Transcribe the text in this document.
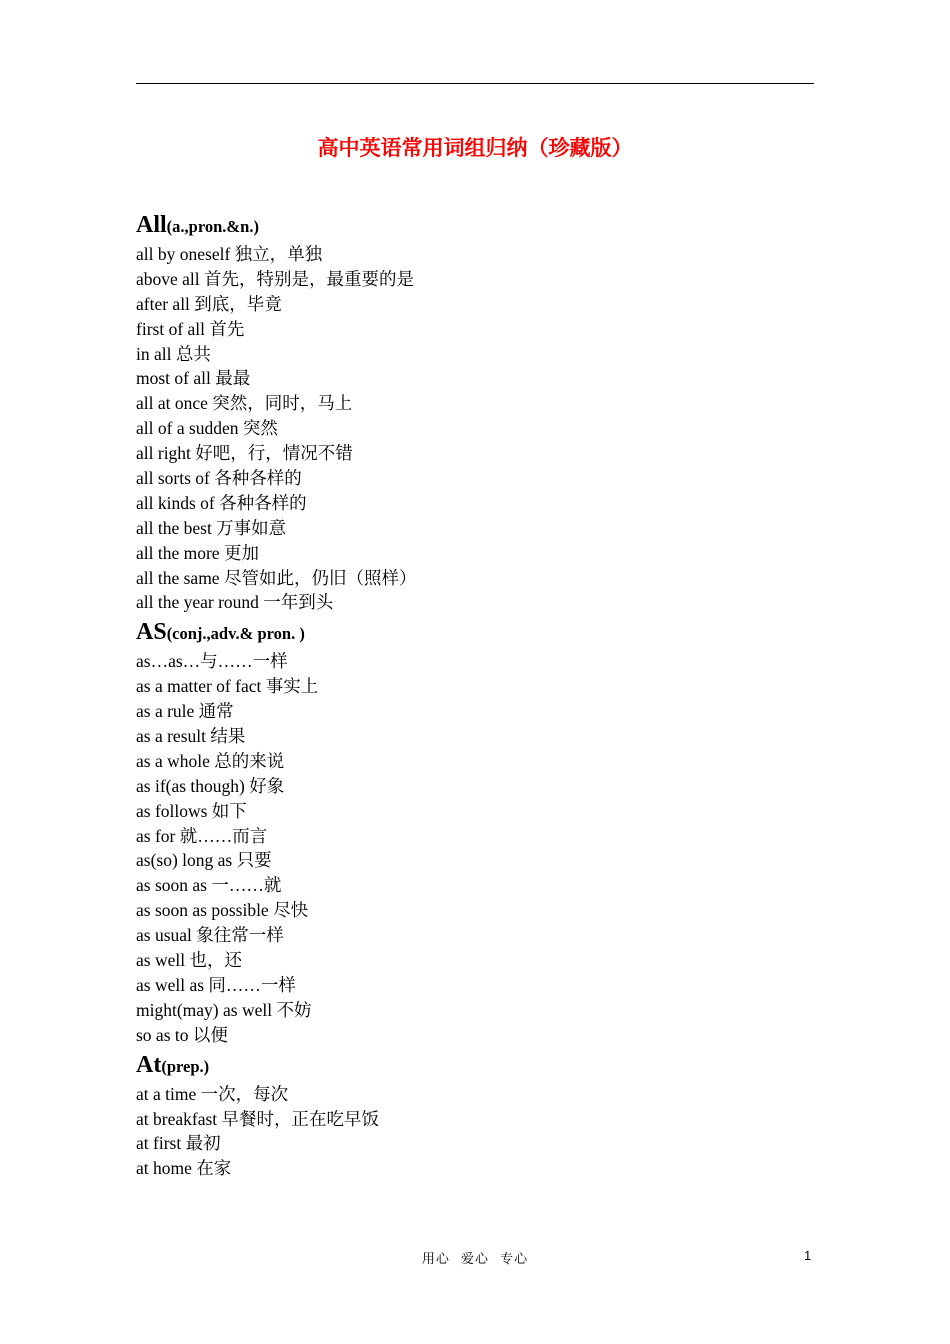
高中英语常用词组归纳（珍藏版）
All(a.,pron.&n.)
all by oneself 独立，单独
above all 首先，特别是，最重要的是
after all 到底，毕竟
first of all 首先
in all 总共
most of all 最最
all at once 突然，同时，马上
all of a sudden 突然
all right 好吧，行，情况不错
all sorts of 各种各样的
all kinds of 各种各样的
all the best 万事如意
all the more 更加
all the same 尽管如此，仍旧（照样）
all the year round 一年到头
AS(conj.,adv.& pron. )
as…as…与……一样
as a matter of fact 事实上
as a rule 通常
as a result 结果
as a whole 总的来说
as if(as though) 好象
as follows 如下
as for 就……而言
as(so) long as 只要
as soon as 一……就
as soon as possible 尽快
as usual 象往常一样
as well 也，还
as well as 同……一样
might(may) as well 不妨
so as to 以便
At(prep.)
at a time 一次，每次
at breakfast 早餐时，正在吃早饭
at first 最初
at home 在家
用心 爱心 专心	1
